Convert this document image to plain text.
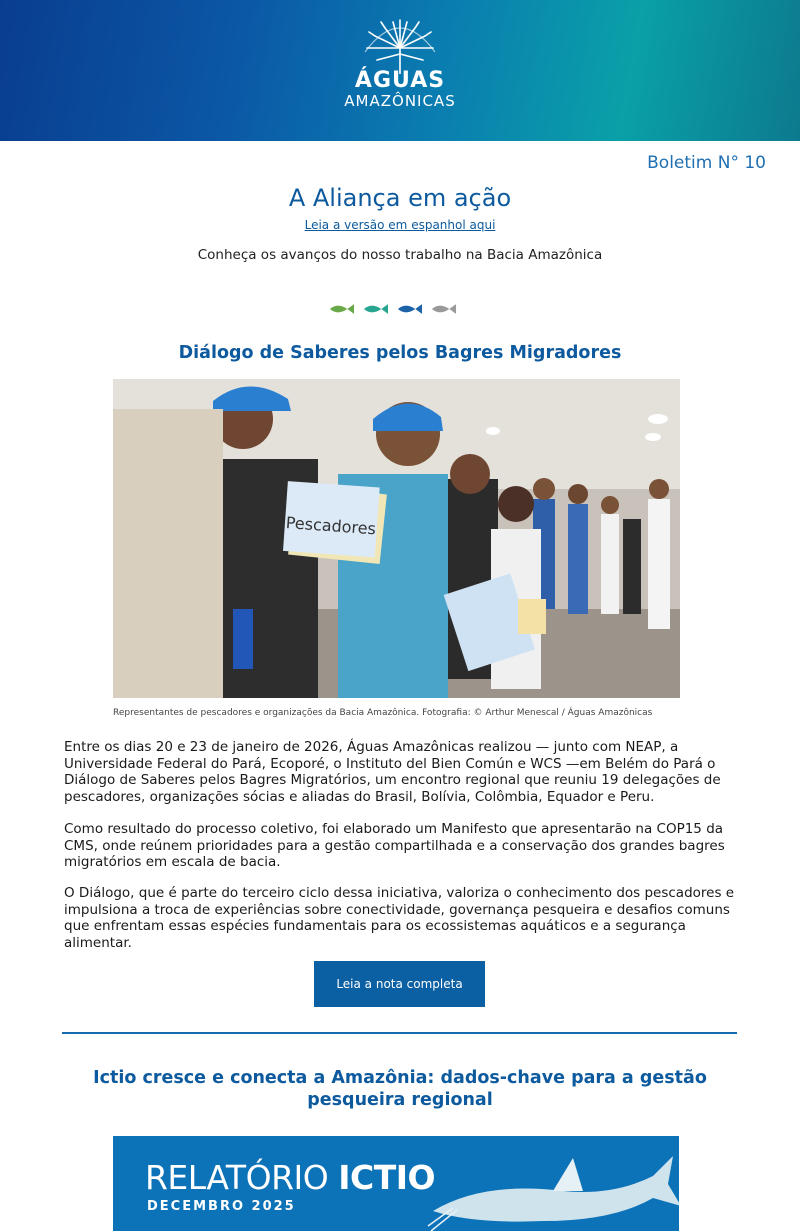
ÁGUAS
AMAZÔNICAS
Boletim N° 10
A Aliança em ação
Leia a versão em espanhol aqui
Conheça os avanços do nosso trabalho na Bacia Amazônica
Diálogo de Saberes pelos Bagres Migradores
Pescadores
Representantes de pescadores e organizações da Bacia Amazônica. Fotografia: © Arthur Menescal / Águas Amazônicas
Entre os dias 20 e 23 de janeiro de 2026, Águas Amazônicas realizou — junto com NEAP, a Universidade Federal do Pará, Ecoporé, o Instituto del Bien Común e WCS —em Belém do Pará o Diálogo de Saberes pelos Bagres Migratórios, um encontro regional que reuniu 19 delegações de pescadores, organizações sócias e aliadas do Brasil, Bolívia, Colômbia, Equador e Peru.
Como resultado do processo coletivo, foi elaborado um Manifesto que apresentarão na COP15 da CMS, onde reúnem prioridades para a gestão compartilhada e a conservação dos grandes bagres migratórios em escala de bacia.
O Diálogo, que é parte do terceiro ciclo dessa iniciativa, valoriza o conhecimento dos pescadores e impulsiona a troca de experiências sobre conectividade, governança pesqueira e desafios comuns que enfrentam essas espécies fundamentais para os ecossistemas aquáticos e a segurança alimentar.
Leia a nota completa
Ictio cresce e conecta a Amazônia: dados-chave para a gestão pesqueira regional
RELATÓRIO ICTIO
DECEMBRO 2025
